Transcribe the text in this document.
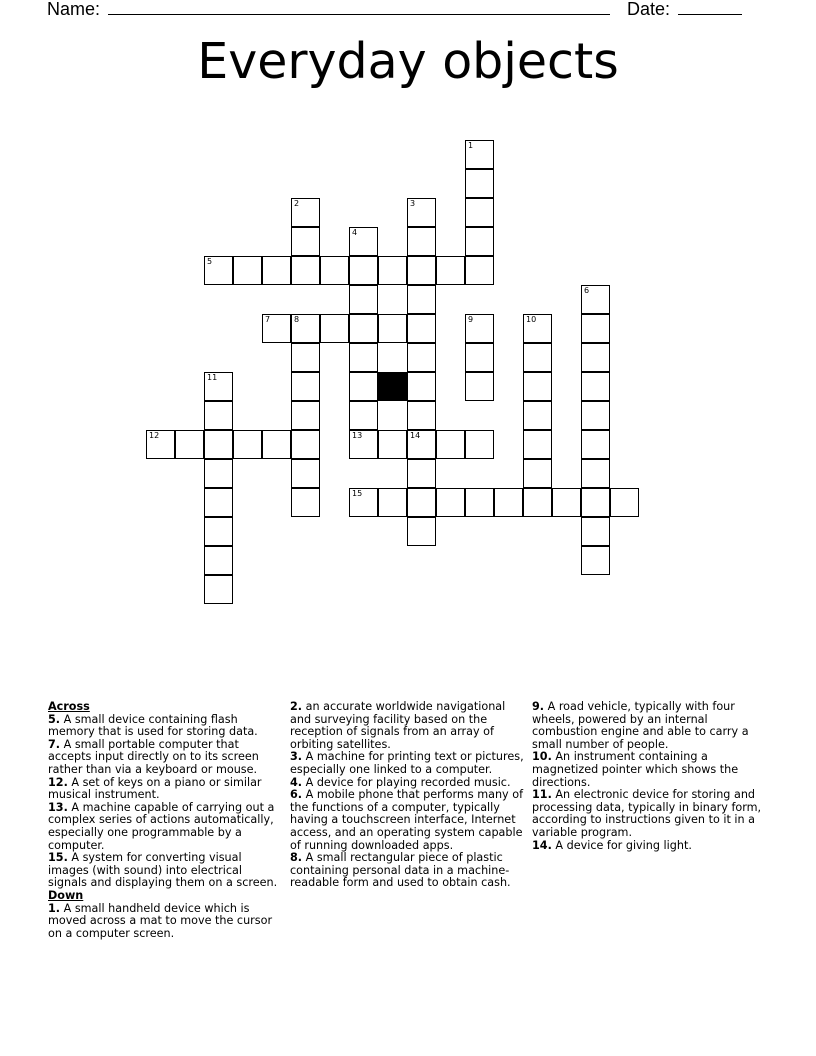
Name:	Date:
Everyday objects
1
2	3
4
13
5
6
7	8	9	10
11
12	14
15

Across

5. A small device containing flash memory that is used for storing data.

7. A small portable computer that accepts input directly on to its screen rather than via a keyboard or mouse.

12. A set of keys on a piano or similar musical instrument.

13. A machine capable of carrying out a complex series of actions automatically, especially one programmable by a computer.

15. A system for converting visual images (with sound) into electrical signals and displaying them on a screen.

Down

1. A small handheld device which is moved across a mat to move the cursor on a computer screen.

2. an accurate worldwide navigational and surveying facility based on the reception of signals from an array of orbiting satellites.

3. A machine for printing text or pictures, especially one linked to a computer.

4. A device for playing recorded music.

6. A mobile phone that performs many of the functions of a computer, typically having a touchscreen interface, Internet access, and an operating system capable of running downloaded apps.

8. A small rectangular piece of plastic containing personal data in a machine-readable form and used to obtain cash.

9. A road vehicle, typically with four wheels, powered by an internal combustion engine and able to carry a small number of people.

10. An instrument containing a magnetized pointer which shows the directions.

11. An electronic device for storing and processing data, typically in binary form, according to instructions given to it in a variable program.

14. A device for giving light.
